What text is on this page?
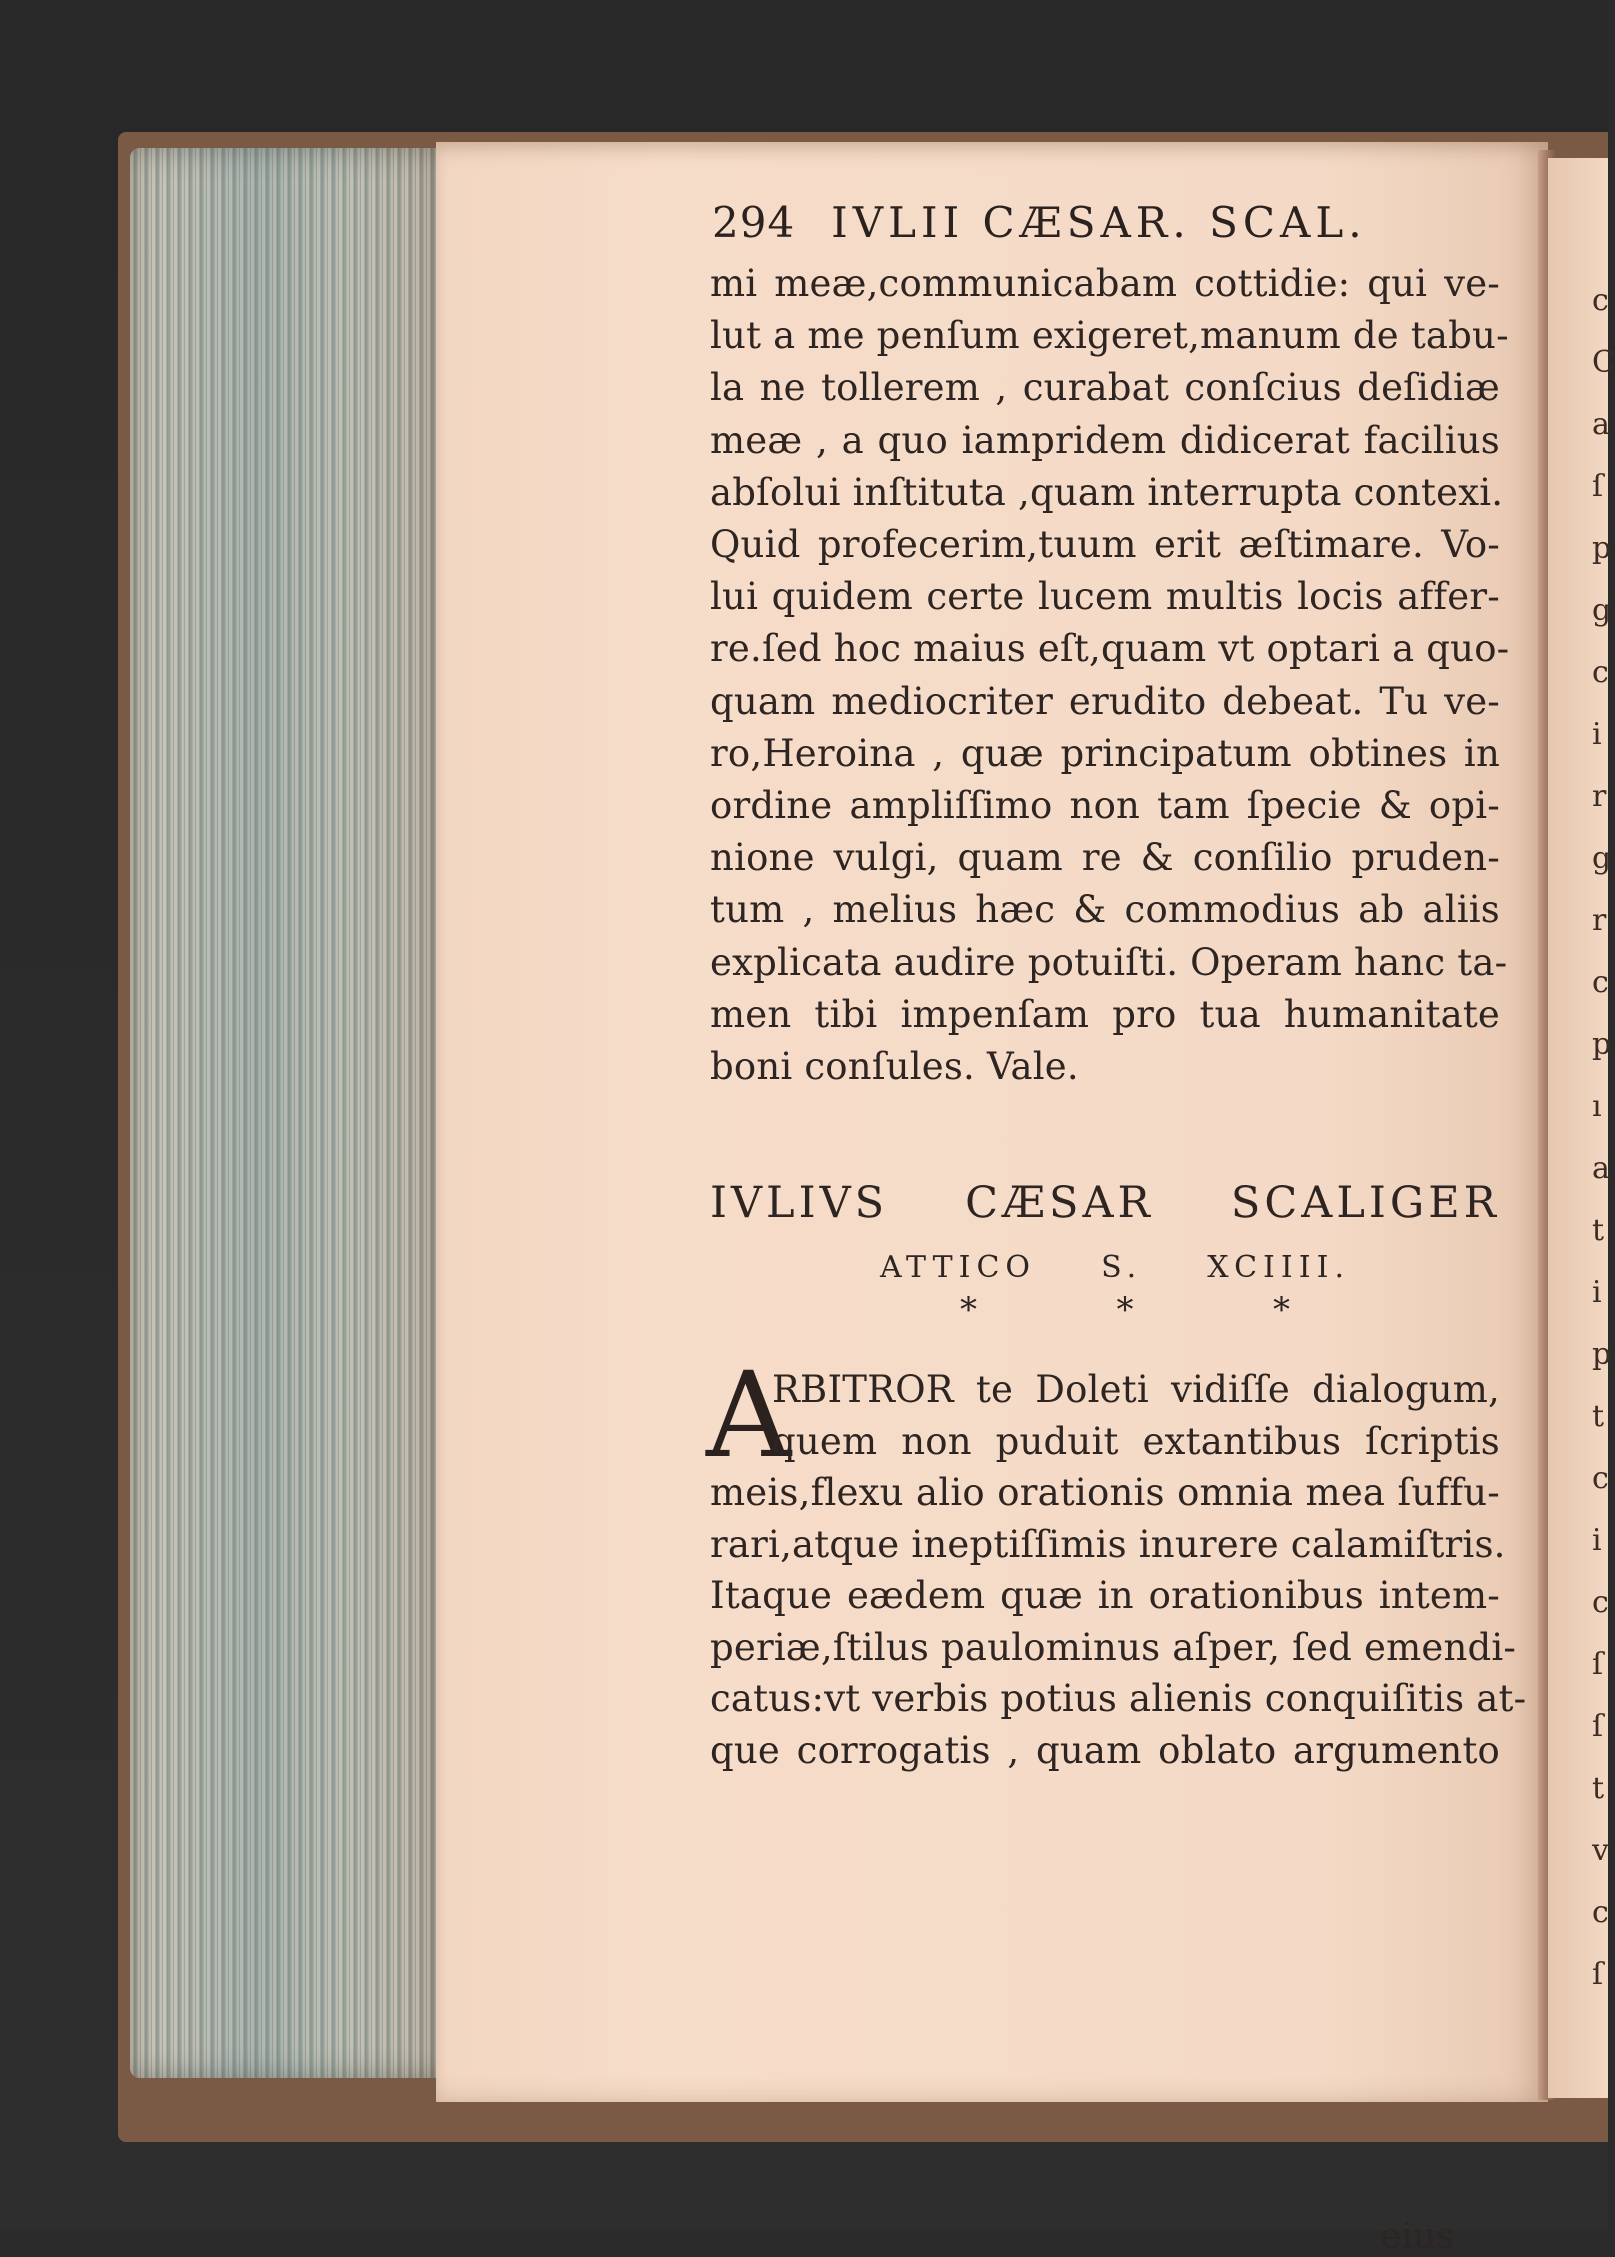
c
C
a
ſ
p
g
c
i
r
g
r
c
p
ı
a
t
i
p
t
c
i
c
ſ
ſ
t
v
c
ſ
294 IVLII CÆSAR. SCAL.
mi meæ,communicabam cottidie: qui ve-
lut a me penſum exigeret,manum de tabu-
la ne tollerem , curabat conſcius deſidiæ
meæ , a quo iampridem didicerat facilius
abſolui inſtituta ,quam interrupta contexi.
Quid profecerim,tuum erit æſtimare. Vo-
lui quidem certe lucem multis locis affer-
re.ſed hoc maius eſt,quam vt optari a quo-
quam mediocriter erudito debeat. Tu ve-
ro,Heroina , quæ principatum obtines in
ordine ampliſſimo non tam ſpecie & opi-
nione vulgi, quam re & conſilio pruden-
tum , melius hæc & commodius ab aliis
explicata audire potuiſti. Operam hanc ta-
men tibi impenſam pro tua humanitate
boni conſules. Vale.
IVLIVS CÆSAR SCALIGER
ATTICO S. XCIIII.
*	*	*
A
RBITROR te Doleti vidiſſe dialogum,
quem non puduit extantibus ſcriptis
meis,flexu alio orationis omnia mea ſuffu-
rari,atque ineptiſſimis inurere calamiſtris.
Itaque eædem quæ in orationibus intem-
periæ,ſtilus paulominus aſper, ſed emendi-
catus:vt verbis potius alienis conquiſitis at-
que corrogatis , quam oblato argumento
eius
